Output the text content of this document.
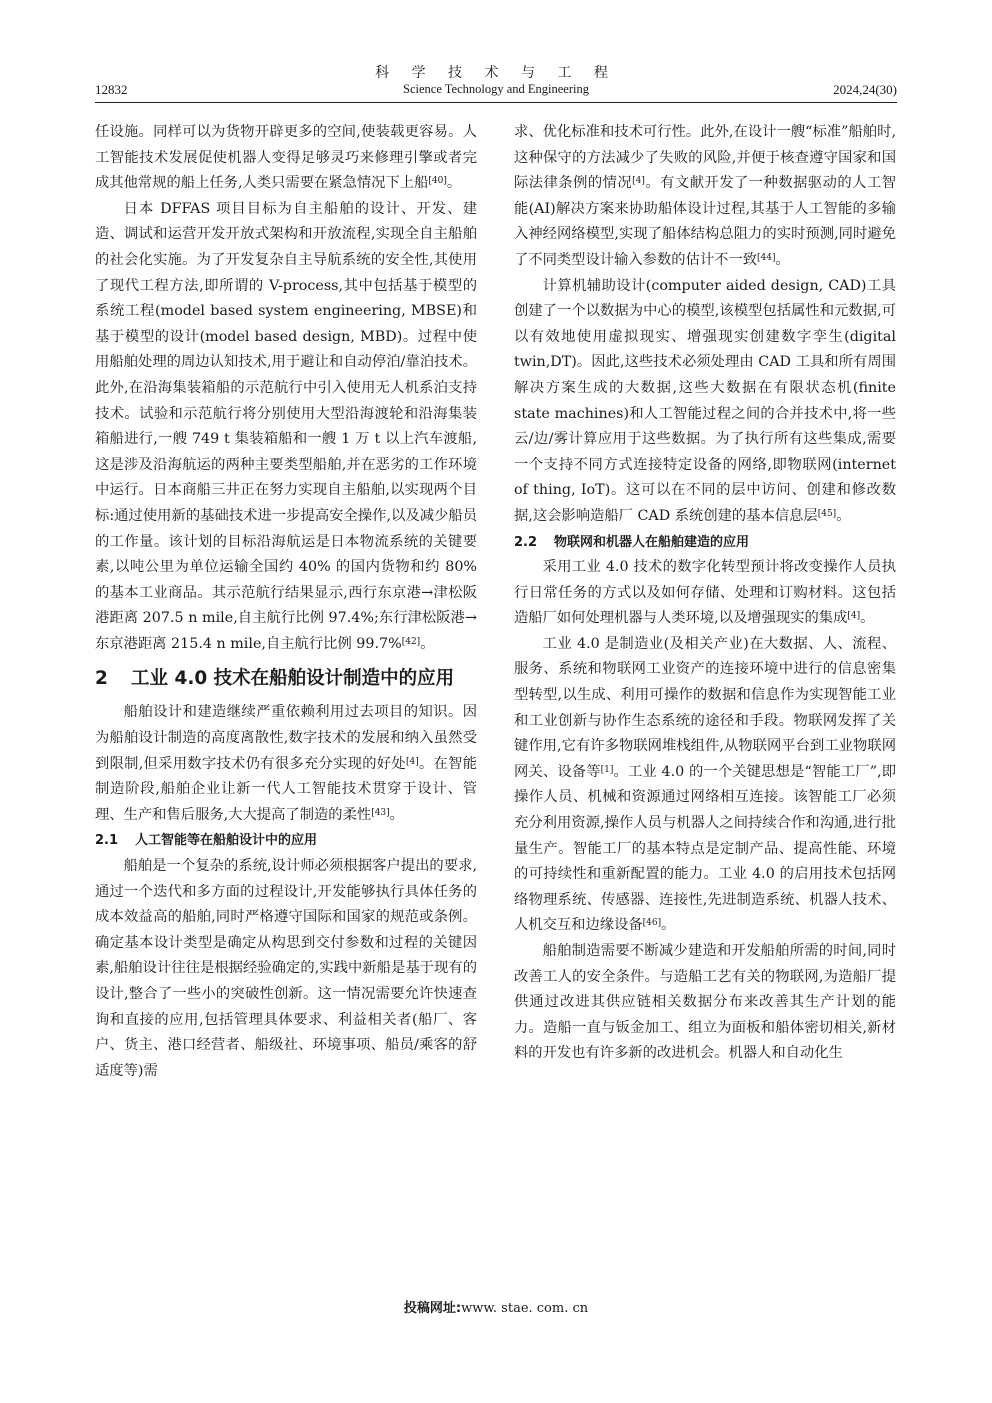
科 学 技 术 与 工 程
12832	Science Technology and Engineering	2024,24(30)

任设施。同样可以为货物开辟更多的空间,使装载更容易。人工智能技术发展促使机器人变得足够灵巧来修理引擎或者完成其他常规的船上任务,人类只需要在紧急情况下上船[40]。

日本 DFFAS 项目目标为自主船舶的设计、开发、建造、调试和运营开发开放式架构和开放流程,实现全自主船舶的社会化实施。为了开发复杂自主导航系统的安全性,其使用了现代工程方法,即所谓的 V-process,其中包括基于模型的系统工程(model based system engineering, MBSE)和基于模型的设计(model based design, MBD)。过程中使用船舶处理的周边认知技术,用于避让和自动停泊/靠泊技术。此外,在沿海集装箱船的示范航行中引入使用无人机系泊支持技术。试验和示范航行将分别使用大型沿海渡轮和沿海集装箱船进行,一艘 749 t 集装箱船和一艘 1 万 t 以上汽车渡船,这是涉及沿海航运的两种主要类型船舶,并在恶劣的工作环境中运行。日本商船三井正在努力实现自主船舶,以实现两个目标:通过使用新的基础技术进一步提高安全操作,以及减少船员的工作量。该计划的目标沿海航运是日本物流系统的关键要素,以吨公里为单位运输全国约 40% 的国内货物和约 80% 的基本工业商品。其示范航行结果显示,西行东京港→津松阪港距离 207.5 n mile,自主航行比例 97.4%;东行津松阪港→东京港距离 215.4 n mile,自主航行比例 99.7%[42]。

2	工业 4.0 技术在船舶设计制造中的应用

船舶设计和建造继续严重依赖利用过去项目的知识。因为船舶设计制造的高度离散性,数字技术的发展和纳入虽然受到限制,但采用数字技术仍有很多充分实现的好处[4]。在智能制造阶段,船舶企业让新一代人工智能技术贯穿于设计、管理、生产和售后服务,大大提高了制造的柔性[43]。

2.1 人工智能等在船舶设计中的应用

船舶是一个复杂的系统,设计师必须根据客户提出的要求,通过一个迭代和多方面的过程设计,开发能够执行具体任务的成本效益高的船舶,同时严格遵守国际和国家的规范或条例。确定基本设计类型是确定从构思到交付参数和过程的关键因素,船舶设计往往是根据经验确定的,实践中新船是基于现有的设计,整合了一些小的突破性创新。这一情况需要允许快速查询和直接的应用,包括管理具体要求、利益相关者(船厂、客户、货主、港口经营者、船级社、环境事项、船员/乘客的舒适度等)需

求、优化标准和技术可行性。此外,在设计一艘“标准”船舶时,这种保守的方法减少了失败的风险,并便于核查遵守国家和国际法律条例的情况[4]。有文献开发了一种数据驱动的人工智能(AI)解决方案来协助船体设计过程,其基于人工智能的多输入神经网络模型,实现了船体结构总阻力的实时预测,同时避免了不同类型设计输入参数的估计不一致[44]。

计算机辅助设计(computer aided design, CAD)工具创建了一个以数据为中心的模型,该模型包括属性和元数据,可以有效地使用虚拟现实、增强现实创建数字孪生(digital twin,DT)。因此,这些技术必须处理由 CAD 工具和所有周围解决方案生成的大数据,这些大数据在有限状态机(finite state machines)和人工智能过程之间的合并技术中,将一些云/边/雾计算应用于这些数据。为了执行所有这些集成,需要一个支持不同方式连接特定设备的网络,即物联网(internet of thing, IoT)。这可以在不同的层中访问、创建和修改数据,这会影响造船厂 CAD 系统创建的基本信息层[45]。

2.2 物联网和机器人在船舶建造的应用

采用工业 4.0 技术的数字化转型预计将改变操作人员执行日常任务的方式以及如何存储、处理和订购材料。这包括造船厂如何处理机器与人类环境,以及增强现实的集成[4]。

工业 4.0 是制造业(及相关产业)在大数据、人、流程、服务、系统和物联网工业资产的连接环境中进行的信息密集型转型,以生成、利用可操作的数据和信息作为实现智能工业和工业创新与协作生态系统的途径和手段。物联网发挥了关键作用,它有许多物联网堆栈组件,从物联网平台到工业物联网网关、设备等[1]。工业 4.0 的一个关键思想是“智能工厂”,即操作人员、机械和资源通过网络相互连接。该智能工厂必须充分利用资源,操作人员与机器人之间持续合作和沟通,进行批量生产。智能工厂的基本特点是定制产品、提高性能、环境的可持续性和重新配置的能力。工业 4.0 的启用技术包括网络物理系统、传感器、连接性,先进制造系统、机器人技术、人机交互和边缘设备[46]。

船舶制造需要不断减少建造和开发船舶所需的时间,同时改善工人的安全条件。与造船工艺有关的物联网,为造船厂提供通过改进其供应链相关数据分布来改善其生产计划的能力。造船一直与钣金加工、组立为面板和船体密切相关,新材料的开发也有许多新的改进机会。机器人和自动化生

投稿网址:www. stae. com. cn
